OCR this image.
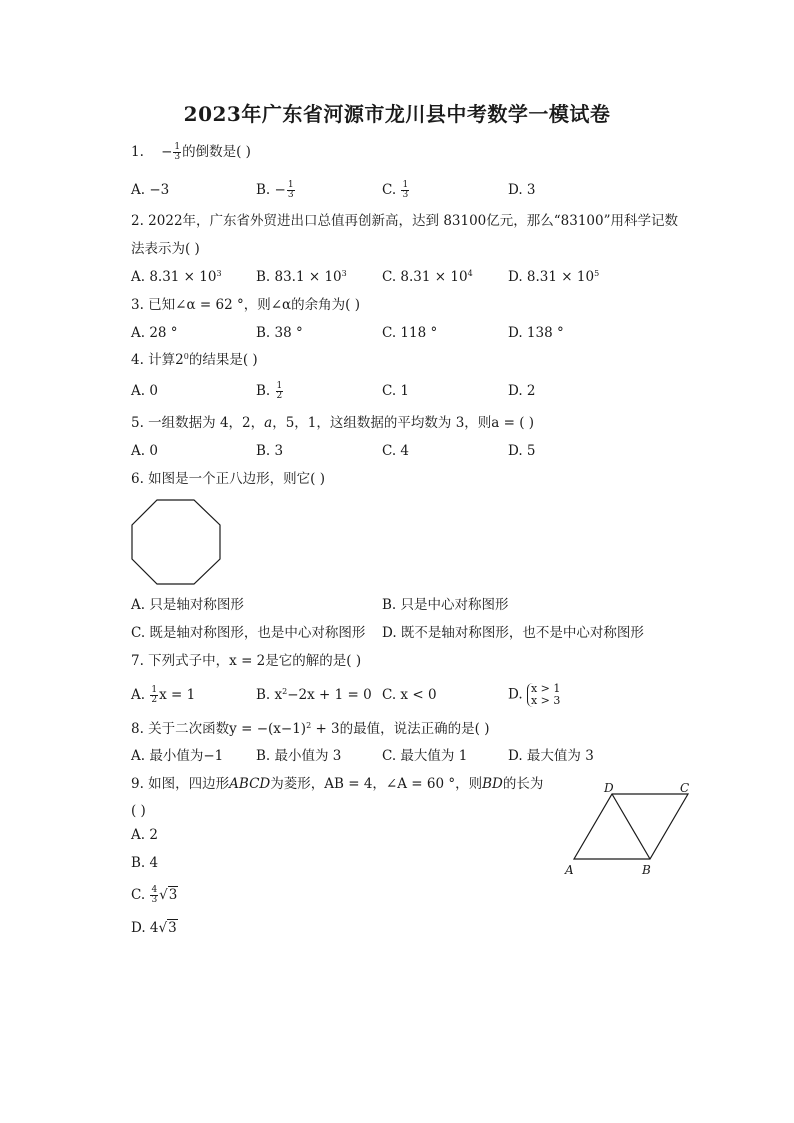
2023年广东省河源市龙川县中考数学一模试卷
1. − $\frac{1}{3}$ 的倒数是( )
A. −3	B. − $\frac{1}{3}$	C. $\frac{1}{3}$	D. 3
2. 2022年，广东省外贸进出口总值再创新高，达到 83100亿元，那么“83100”用科学记数
法表示为( )
A. $8.31 \times 10^3$	B. $83.1 \times 10^3$	C. $8.31 \times 10^4$	D. $8.31 \times 10^5$
3. 已知∠α = 62 °，则∠α的余角为( )
A. 28 °	B. 38 °	C. 118 °	D. 138 °
4. 计算$2^0$的结果是( )
A. 0	B. $\frac{1}{2}$	C. 1	D. 2
5. 一组数据为 4，2，a，5，1，这组数据的平均数为 3，则a = ( )
A. 0	B. 3	C. 4	D. 5
6. 如图是一个正八边形，则它( )
A. 只是轴对称图形	B. 只是中心对称图形
C. 既是轴对称图形，也是中心对称图形 D. 既不是轴对称图形，也不是中心对称图形
7. 下列式子中，x = 2是它的解的是( )
A. $\frac{1}{2}$ x = 1	B. $x^2-2x + 1 = 0$ C. x < 0	D. x > 1
x > 3
8. 关于二次函数$y = -(x-1)^2 + 3$的最值，说法正确的是( )
A. 最小值为−1 B. 最小值为 3	C. 最大值为 1	D. 最大值为 3
9. 如图，四边形ABCD为菱形，AB = 4，∠A = 60 °，则BD的长为
( )
A. 2
B. 4
C. $\frac{4}{3} √3$
D. 4√3
D	C
A	B
